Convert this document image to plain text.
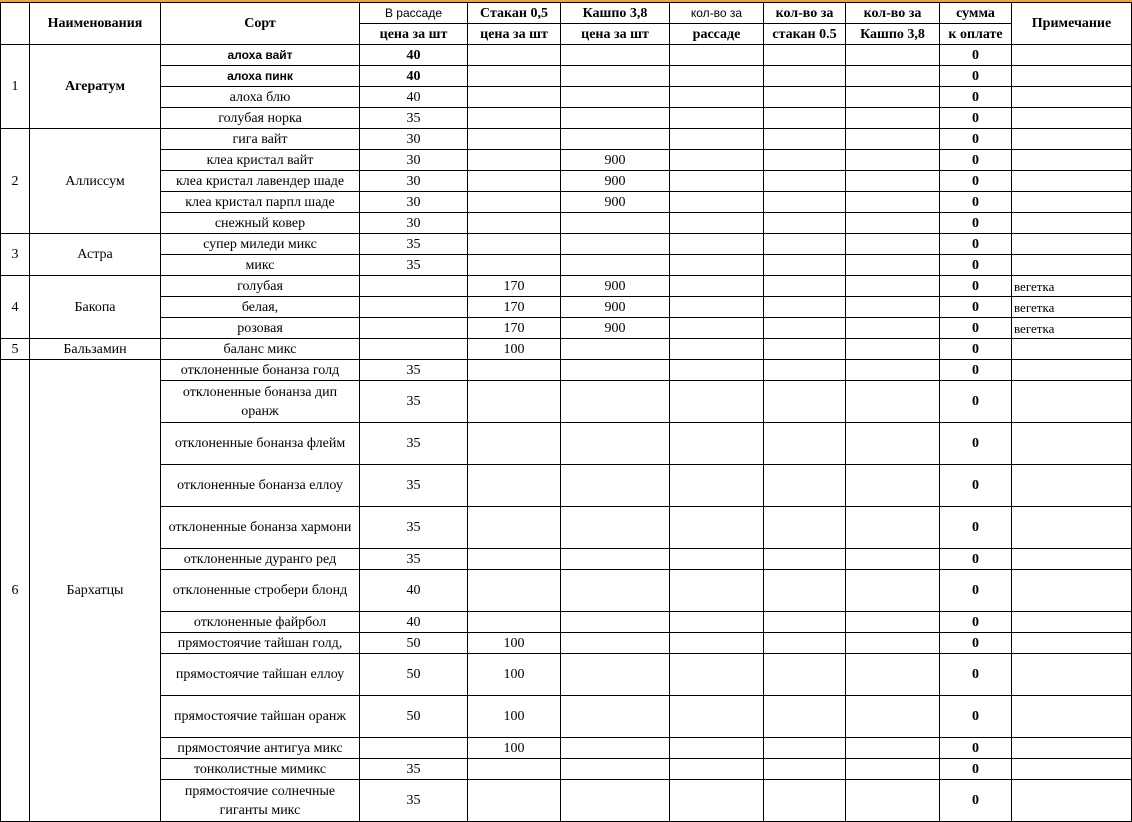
	Наименования	Сорт	В рассаде	Стакан 0,5	Кашпо 3,8	кол-во за	кол-во за	кол-во за	сумма	Примечание
			цена за шт	цена за шт	цена за шт	рассаде	стакан 0.5	Кашпо 3,8	к оплате	
1	Агератум	алоха вайт	40						0	
		алоха пинк	40						0	
		алоха блю	40						0	
		голубая норка	35						0	
2	Аллиссум	гига вайт	30						0	
		клеа кристал вайт	30		900				0	
		клеа кристал лавендер шаде	30		900				0	
		клеа кристал парпл шаде	30		900				0	
		снежный ковер	30						0	
3	Астра	супер миледи микс	35						0	
		микс	35						0	
4	Бакопа	голубая		170	900				0	вегетка
		белая,		170	900				0	вегетка
		розовая		170	900				0	вегетка
5	Бальзамин	баланс микс		100					0	
6	Бархатцы	отклоненные бонанза голд	35						0	
		отклоненные бонанза дип оранж	35						0	
		отклоненные бонанза флейм	35						0	
		отклоненные бонанза еллоу	35						0	
		отклоненные бонанза хармони	35						0	
		отклоненные дуранго ред	35						0	
		отклоненные стробери блонд	40						0	
		отклоненные файрбол	40						0	
		прямостоячие тайшан голд,	50	100					0	
		прямостоячие тайшан еллоу	50	100					0	
		прямостоячие тайшан оранж	50	100					0	
		прямостоячие антигуа микс		100					0	
		тонколистные мимикс	35						0	
		прямостоячие солнечные гиганты микс	35						0	
